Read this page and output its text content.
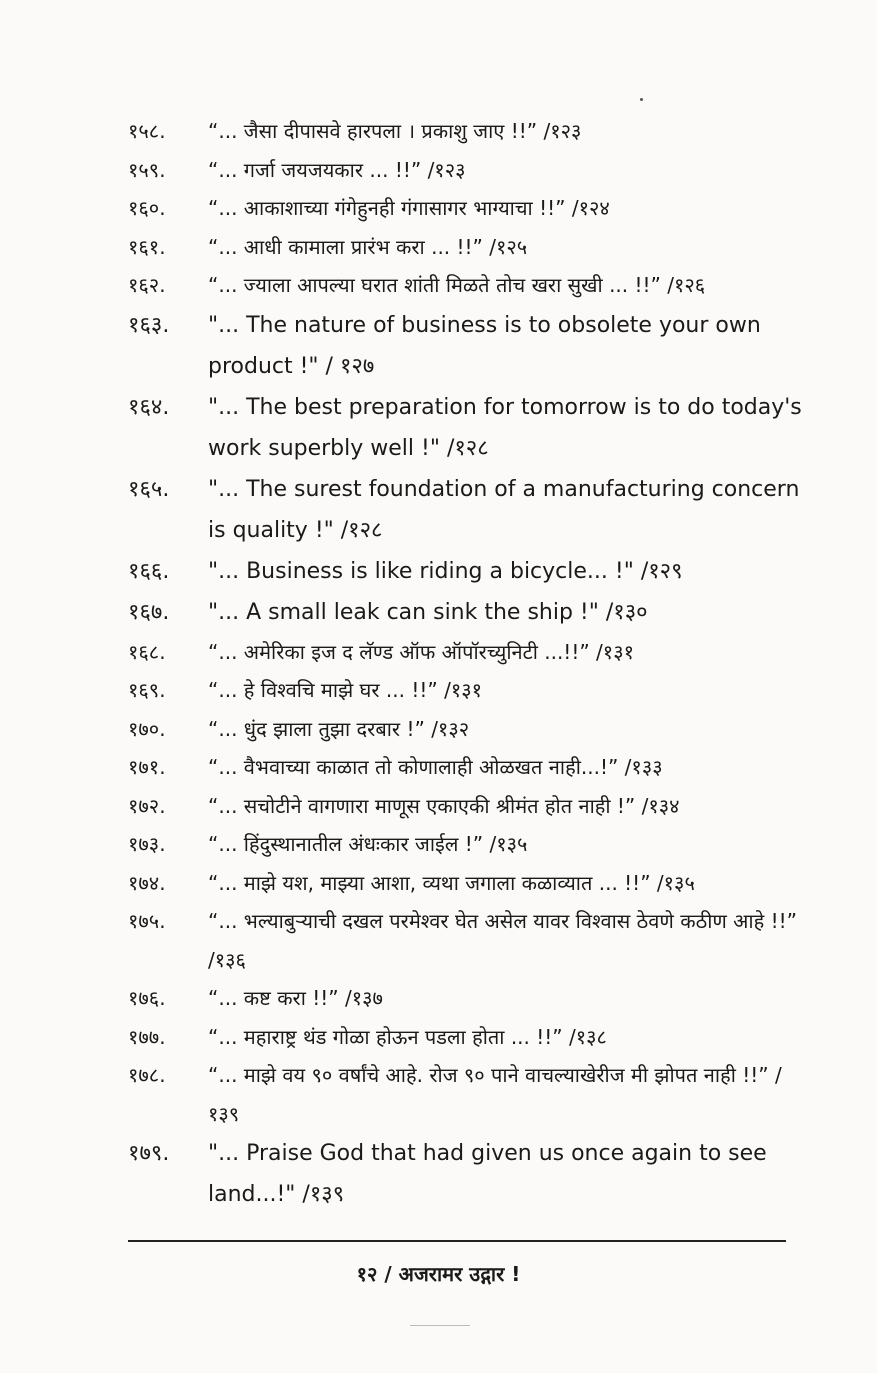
१५८.	“... जैसा दीपासवे हारपला । प्रकाशु जाए !!” /१२३
१५९.	“... गर्जा जयजयकार ... !!” /१२३
१६०.	“... आकाशाच्या गंगेहुनही गंगासागर भाग्याचा !!” /१२४
१६१.	“... आधी कामाला प्रारंभ करा ... !!” /१२५
१६२.	“... ज्याला आपल्या घरात शांती मिळते तोच खरा सुखी ... !!” /१२६
१६३.	"... The nature of business is to obsolete your own product !" / १२७
१६४.	"... The best preparation for tomorrow is to do today's work superbly well !" /१२८
१६५.	"... The surest foundation of a manufacturing concern is quality !" /१२८
१६६.	"... Business is like riding a bicycle... !" /१२९
१६७.	"... A small leak can sink the ship !" /१३०
१६८.	“... अमेरिका इज द लॅण्ड ऑफ ऑपॉरच्युनिटी ...!!” /१३१
१६९.	“... हे विश्वचि माझे घर ... !!” /१३१
१७०.	“... धुंद झाला तुझा दरबार !” /१३२
१७१.	“... वैभवाच्या काळात तो कोणालाही ओळखत नाही...!” /१३३
१७२.	“... सचोटीने वागणारा माणूस एकाएकी श्रीमंत होत नाही !” /१३४
१७३.	“... हिंदुस्थानातील अंधःकार जाईल !” /१३५
१७४.	“... माझे यश, माझ्या आशा, व्यथा जगाला कळाव्यात ... !!” /१३५
१७५.	“... भल्याबुऱ्याची दखल परमेश्वर घेत असेल यावर विश्वास ठेवणे कठीण आहे !!” /१३६
१७६.	“... कष्ट करा !!” /१३७
१७७.	“... महाराष्ट्र थंड गोळा होऊन पडला होता ... !!” /१३८
१७८.	“... माझे वय ९० वर्षांचे आहे. रोज ९० पाने वाचल्याखेरीज मी झोपत नाही !!” /१३९
१७९.	"... Praise God that had given us once again to see land...!" /१३९
१२ / अजरामर उद्गार !
